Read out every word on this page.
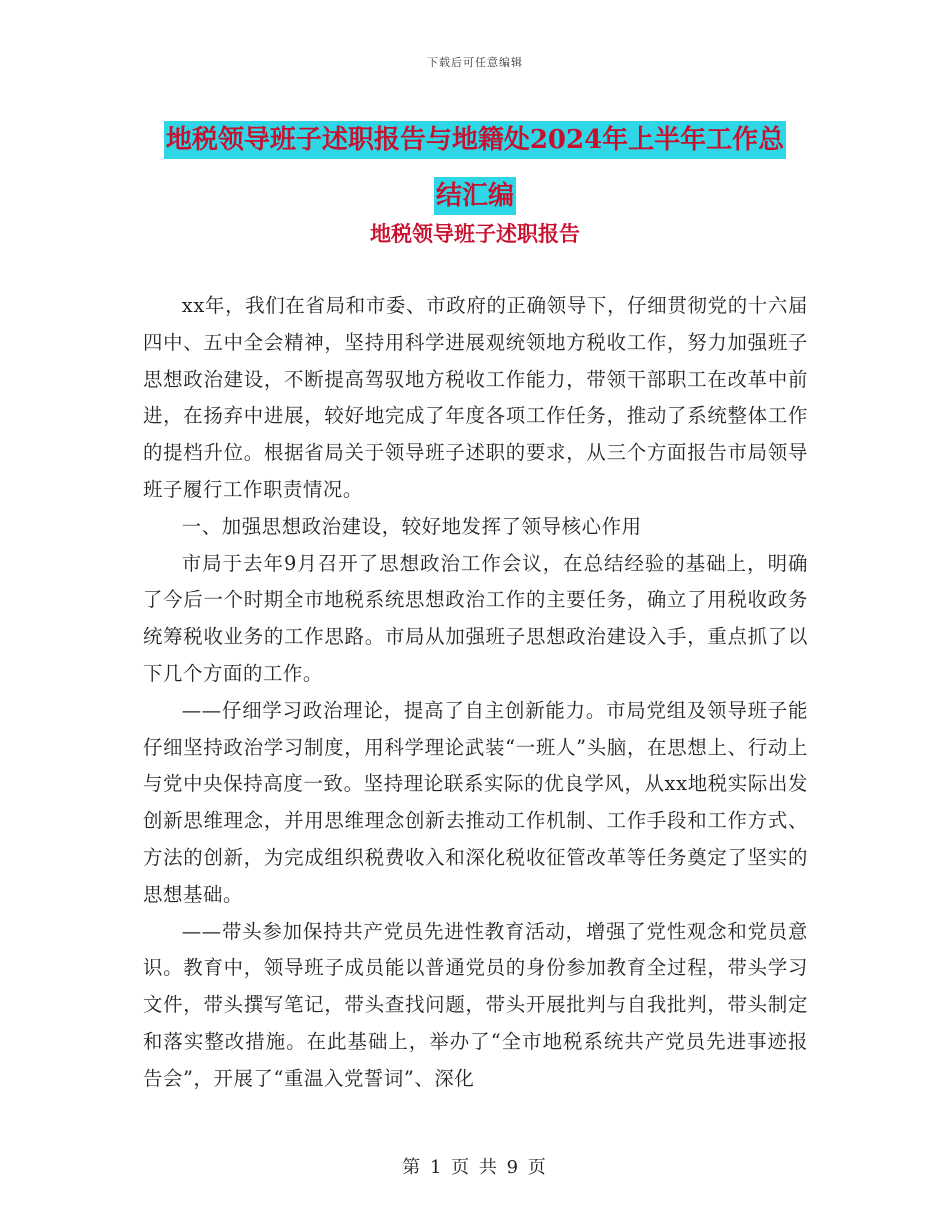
下载后可任意编辑
地税领导班子述职报告与地籍处2024年上半年工作总
结汇编
地税领导班子述职报告

xx年，我们在省局和市委、市政府的正确领导下，仔细贯彻党的十六届四中、五中全会精神，坚持用科学进展观统领地方税收工作，努力加强班子思想政治建设，不断提高驾驭地方税收工作能力，带领干部职工在改革中前进，在扬弃中进展，较好地完成了年度各项工作任务，推动了系统整体工作的提档升位。根据省局关于领导班子述职的要求，从三个方面报告市局领导班子履行工作职责情况。

一、加强思想政治建设，较好地发挥了领导核心作用

市局于去年9月召开了思想政治工作会议，在总结经验的基础上，明确了今后一个时期全市地税系统思想政治工作的主要任务，确立了用税收政务统筹税收业务的工作思路。市局从加强班子思想政治建设入手，重点抓了以下几个方面的工作。

——仔细学习政治理论，提高了自主创新能力。市局党组及领导班子能仔细坚持政治学习制度，用科学理论武装“一班人”头脑，在思想上、行动上与党中央保持高度一致。坚持理论联系实际的优良学风，从xx地税实际出发创新思维理念，并用思维理念创新去推动工作机制、工作手段和工作方式、方法的创新，为完成组织税费收入和深化税收征管改革等任务奠定了坚实的思想基础。

——带头参加保持共产党员先进性教育活动，增强了党性观念和党员意识。教育中，领导班子成员能以普通党员的身份参加教育全过程，带头学习文件，带头撰写笔记，带头查找问题，带头开展批判与自我批判，带头制定和落实整改措施。在此基础上，举办了“全市地税系统共产党员先进事迹报告会”，开展了“重温入党誓词”、深化

第 1 页 共 9 页
